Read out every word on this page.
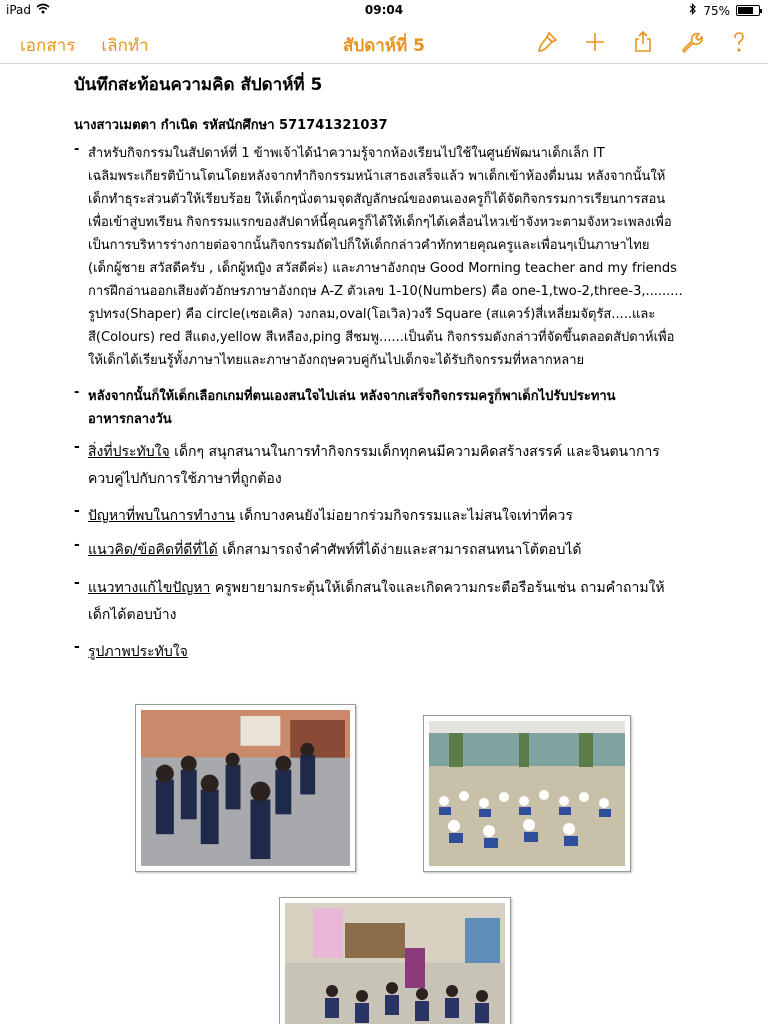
iPad	09:04	75%
เอกสาร เลิกทำ	สัปดาห์ที่ 5
บันทึกสะท้อนความคิด สัปดาห์ที่ 5
นางสาวเมตตา กำเนิด รหัสนักศึกษา 571741321037
- สำหรับกิจกรรมในสัปดาห์ที่ 1 ข้าพเจ้าได้นำความรู้จากห้องเรียนไปใช้ในศูนย์พัฒนาเด็กเล็ก IT
เฉลิมพระเกียรติบ้านโตนโดยหลังจากทำกิจกรรมหน้าเสาธงเสร็จแล้ว พาเด็กเข้าห้องดื่มนม หลังจากนั้นให้
เด็กทำธุระส่วนตัวให้เรียบร้อย ให้เด็กๆนั่งตามจุดสัญลักษณ์ของตนเองครูก็ได้จัดกิจกรรมการเรียนการสอน
เพื่อเข้าสู่บทเรียน กิจกรรมแรกของสัปดาห์นี้คุณครูก็ได้ให้เด็กๆได้เคลื่อนไหวเข้าจังหวะตามจังหวะเพลงเพื่อ
เป็นการบริหารร่างกายต่อจากนั้นกิจกรรมถัดไปก็ให้เด็กกล่าวคำทักทายคุณครูและเพื่อนๆเป็นภาษาไทย
(เด็กผู้ชาย สวัสดีครับ , เด็กผู้หญิง สวัสดีค่ะ) และภาษาอังกฤษ Good Morning teacher and my friends
การฝึกอ่านออกเสียงตัวอักษรภาษาอังกฤษ A-Z ตัวเลข 1-10(Numbers) คือ one-1,two-2,three-3,.........
รูปทรง(Shaper) คือ circle(เซอเคิล) วงกลม,oval(โอเวิล)วงรี Square (สแควร์)สี่เหลี่ยมจัตุรัส.....และ
สี(Colours) red สีแดง,yellow สีเหลือง,ping สีชมพู......เป็นต้น กิจกรรมดังกล่าวที่จัดขึ้นตลอดสัปดาห์เพื่อ
ให้เด็กได้เรียนรู้ทั้งภาษาไทยและภาษาอังกฤษควบคู่กันไปเด็กจะได้รับกิจกรรมที่หลากหลาย
- หลังจากนั้นก็ให้เด็กเลือกเกมที่ตนเองสนใจไปเล่น หลังจากเสร็จกิจกรรมครูก็พาเด็กไปรับประทาน
อาหารกลางวัน
- สิ่งที่ประทับใจ เด็กๆ สนุกสนานในการทำกิจกรรมเด็กทุกคนมีความคิดสร้างสรรค์ และจินตนาการ
ควบคู่ไปกับการใช้ภาษาที่ถูกต้อง
- ปัญหาที่พบในการทำงาน เด็กบางคนยังไม่อยากร่วมกิจกรรมและไม่สนใจเท่าที่ควร
- แนวคิด/ข้อคิดที่ดีที่ได้ เด็กสามารถจำคำศัพท์ที่ได้ง่ายและสามารถสนทนาโต้ตอบได้
- แนวทางแก้ไขปัญหา ครูพยายามกระตุ้นให้เด็กสนใจและเกิดความกระตือรือร้นเช่น ถามคำถามให้
เด็กได้ตอบบ้าง
- รูปภาพประทับใจ
